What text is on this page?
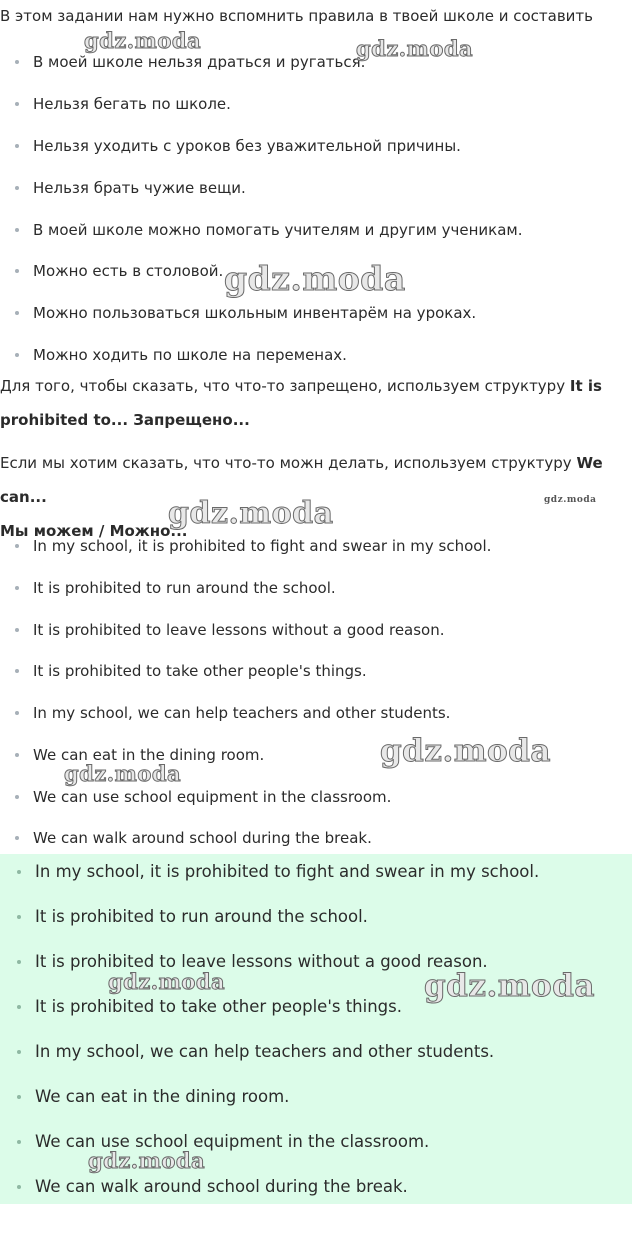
В этом задании нам нужно вспомнить правила в твоей школе и составить
В моей школе нельзя драться и ругаться.
Нельзя бегать по школе.
Нельзя уходить с уроков без уважительной причины.
Нельзя брать чужие вещи.
В моей школе можно помогать учителям и другим ученикам.
Можно есть в столовой.
Можно пользоваться школьным инвентарём на уроках.
Можно ходить по школе на переменах.
Для того, чтобы сказать, что что-то запрещено, используем структуру It is
prohibited to... Запрещено...
Если мы хотим сказать, что что-то можн делать, используем структуру We can...
Мы можем / Можно...
In my school, it is prohibited to fight and swear in my school.
It is prohibited to run around the school.
It is prohibited to leave lessons without a good reason.
It is prohibited to take other people's things.
In my school, we can help teachers and other students.
We can eat in the dining room.
We can use school equipment in the classroom.
We can walk around school during the break.
In my school, it is prohibited to fight and swear in my school.
It is prohibited to run around the school.
It is prohibited to leave lessons without a good reason.
It is prohibited to take other people's things.
In my school, we can help teachers and other students.
We can eat in the dining room.
We can use school equipment in the classroom.
We can walk around school during the break.
gdz.moda	gdz.moda
gdz.moda
gdz.moda
gdz.moda
gdz.moda
gdz.moda
gdz.moda	gdz.moda
gdz.moda
